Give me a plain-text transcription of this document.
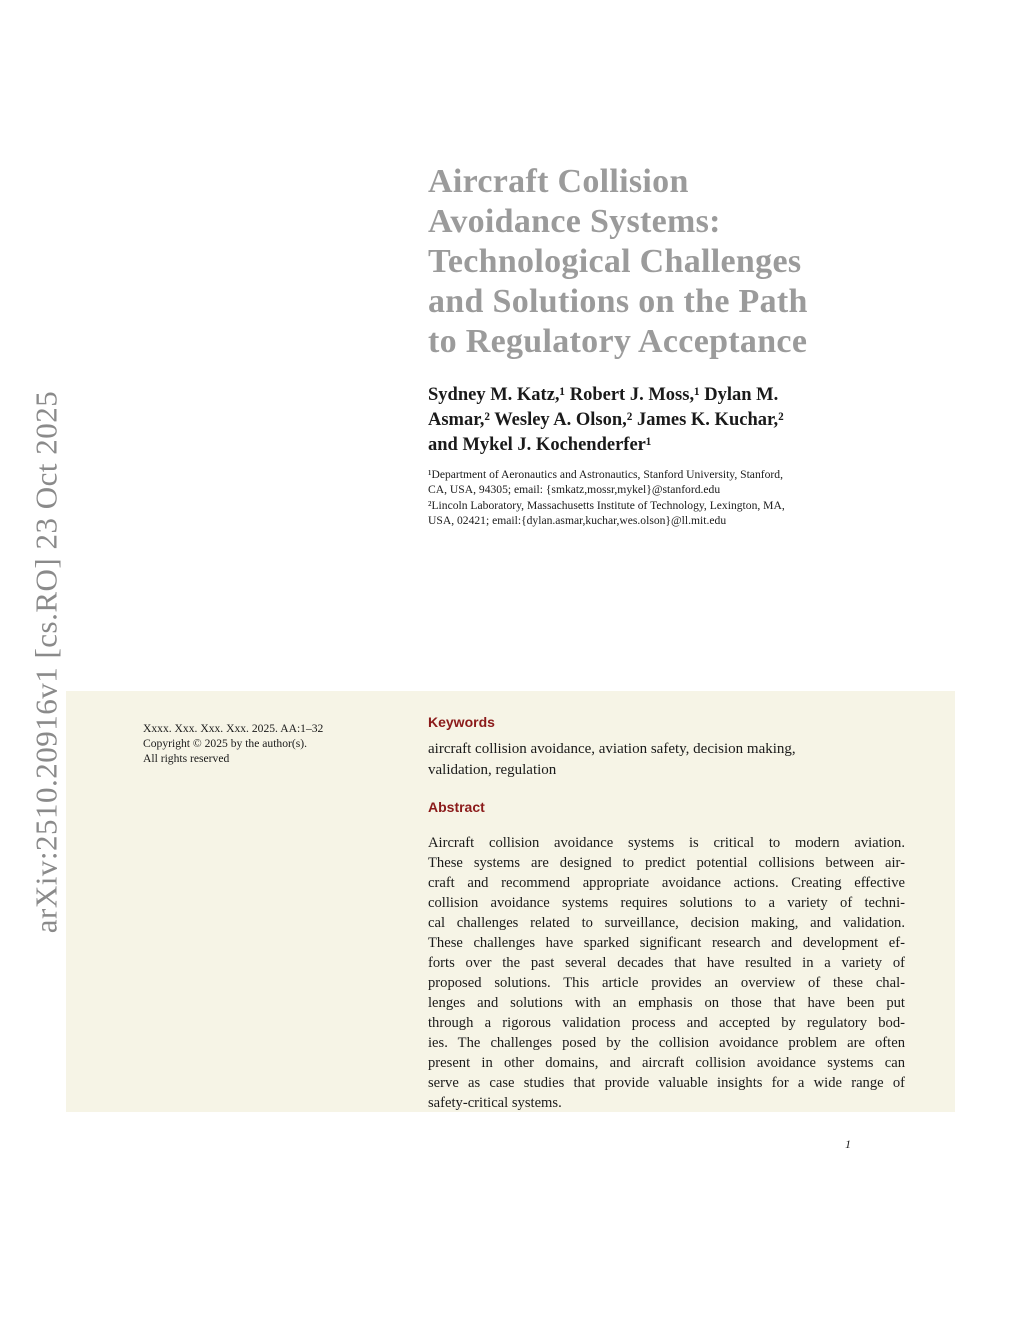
arXiv:2510.20916v1 [cs.RO] 23 Oct 2025
Aircraft Collision
Avoidance Systems:
Technological Challenges
and Solutions on the Path
to Regulatory Acceptance
Sydney M. Katz,¹ Robert J. Moss,¹ Dylan M.
Asmar,² Wesley A. Olson,² James K. Kuchar,²
and Mykel J. Kochenderfer¹
¹Department of Aeronautics and Astronautics, Stanford University, Stanford,
CA, USA, 94305; email: {smkatz,mossr,mykel}@stanford.edu
²Lincoln Laboratory, Massachusetts Institute of Technology, Lexington, MA,
USA, 02421; email:{dylan.asmar,kuchar,wes.olson}@ll.mit.edu
Xxxx. Xxx. Xxx. Xxx. 2025. AA:1–32
Copyright © 2025 by the author(s).
All rights reserved
Keywords
aircraft collision avoidance, aviation safety, decision making,
validation, regulation
Abstract
Aircraft collision avoidance systems is critical to modern aviation.
These systems are designed to predict potential collisions between air-
craft and recommend appropriate avoidance actions. Creating effective
collision avoidance systems requires solutions to a variety of techni-
cal challenges related to surveillance, decision making, and validation.
These challenges have sparked significant research and development ef-
forts over the past several decades that have resulted in a variety of
proposed solutions. This article provides an overview of these chal-
lenges and solutions with an emphasis on those that have been put
through a rigorous validation process and accepted by regulatory bod-
ies. The challenges posed by the collision avoidance problem are often
present in other domains, and aircraft collision avoidance systems can
serve as case studies that provide valuable insights for a wide range of
safety-critical systems.
1
